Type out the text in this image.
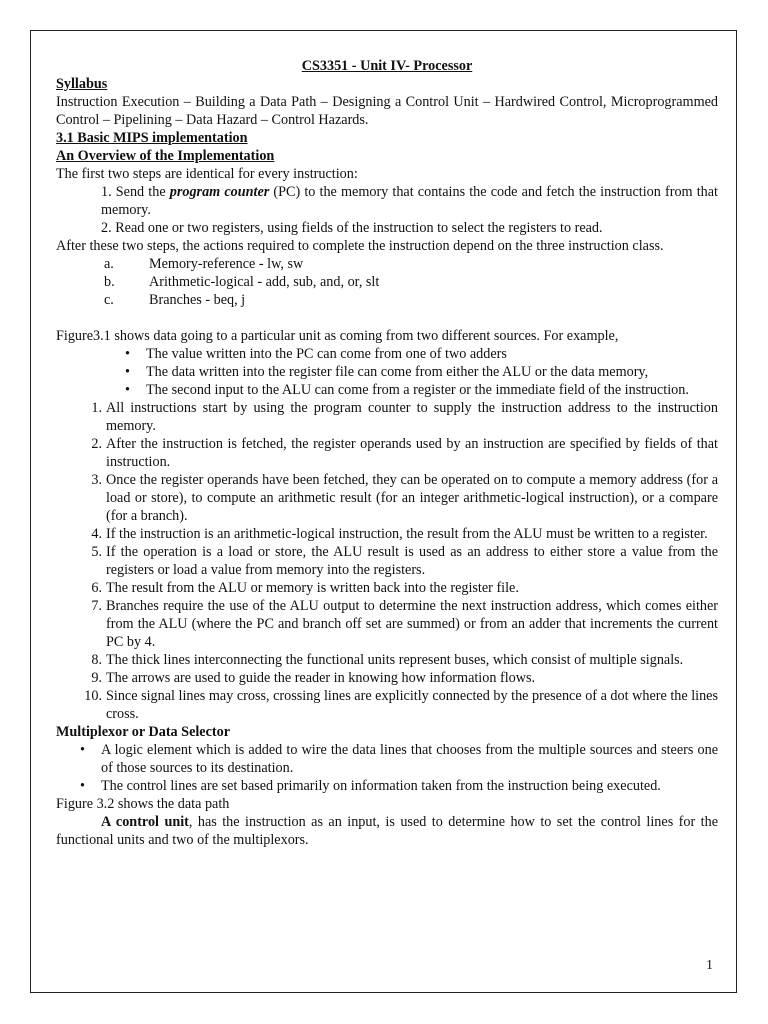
CS3351 - Unit IV- Processor

Syllabus

Instruction Execution – Building a Data Path – Designing a Control Unit – Hardwired Control, Microprogrammed Control – Pipelining – Data Hazard – Control Hazards.

3.1 Basic MIPS implementation

An Overview of the Implementation

The first two steps are identical for every instruction:

1. Send the program counter (PC) to the memory that contains the code and fetch the instruction from that memory.

2. Read one or two registers, using fields of the instruction to select the registers to read.

After these two steps, the actions required to complete the instruction depend on the three instruction class.

a.	Memory-reference - lw, sw
b.	Arithmetic-logical - add, sub, and, or, slt
c.	Branches - beq, j

Figure3.1 shows data going to a particular unit as coming from two different sources. For example,

•	The value written into the PC can come from one of two adders
•	The data written into the register file can come from either the ALU or the data memory,
•	The second input to the ALU can come from a register or the immediate field of the instruction.
1. All instructions start by using the program counter to supply the instruction address to the instruction memory.
2. After the instruction is fetched, the register operands used by an instruction are specified by fields of that instruction.
3. Once the register operands have been fetched, they can be operated on to compute a memory address (for a load or store), to compute an arithmetic result (for an integer arithmetic-logical instruction), or a compare (for a branch).
4. If the instruction is an arithmetic-logical instruction, the result from the ALU must be written to a register.
5. If the operation is a load or store, the ALU result is used as an address to either store a value from the registers or load a value from memory into the registers.
6. The result from the ALU or memory is written back into the register file.
7. Branches require the use of the ALU output to determine the next instruction address, which comes either from the ALU (where the PC and branch off set are summed) or from an adder that increments the current PC by 4.
8. The thick lines interconnecting the functional units represent buses, which consist of multiple signals.
9. The arrows are used to guide the reader in knowing how information flows.
10. Since signal lines may cross, crossing lines are explicitly connected by the presence of a dot where the lines cross.

Multiplexor or Data Selector

•	A logic element which is added to wire the data lines that chooses from the multiple sources and steers one of those sources to its destination.
•	The control lines are set based primarily on information taken from the instruction being executed.

Figure 3.2 shows the data path

A control unit, has the instruction as an input, is used to determine how to set the control lines for the functional units and two of the multiplexors.

1
